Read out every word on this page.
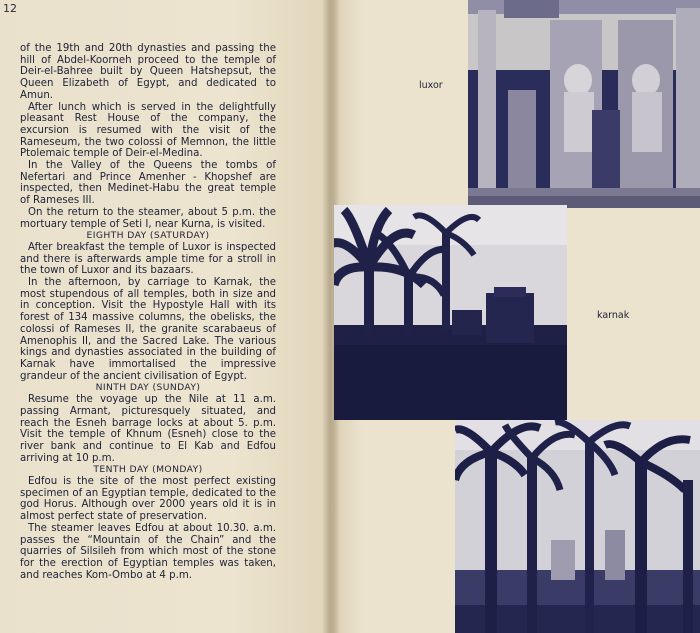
12

of the 19th and 20th dynasties and passing the hill of Abdel-Koorneh proceed to the temple of Deir-el-Bahree built by Queen Hatshepsut, the Queen Elizabeth of Egypt, and dedicated to Amun.

After lunch which is served in the delightfully pleasant Rest House of the company, the excursion is resumed with the visit of the Rameseum, the two colossi of Memnon, the little Ptolemaic temple of Deir-el-Medina.

In the Valley of the Queens the tombs of Nefertari and Prince Amenher - Khopshef are inspected, then Medinet-Habu the great temple of Rameses III.

On the return to the steamer, about 5 p.m. the mortuary temple of Seti I, near Kurna, is visited.

EIGHTH DAY (SATURDAY)

After breakfast the temple of Luxor is inspected and there is afterwards ample time for a stroll in the town of Luxor and its bazaars.

In the afternoon, by carriage to Karnak, the most stupendous of all temples, both in size and in conception. Visit the Hypostyle Hall with its forest of 134 massive columns, the obelisks, the colossi of Rameses II, the granite scarabaeus of Amenophis II, and the Sacred Lake. The various kings and dynasties associated in the building of Karnak have immortalised the impressive grandeur of the ancient civilisation of Egypt.

NINTH DAY (SUNDAY)

Resume the voyage up the Nile at 11 a.m. passing Armant, picturesquely situated, and reach the Esneh barrage locks at about 5. p.m. Visit the temple of Khnum (Esneh) close to the river bank and continue to El Kab and Edfou arriving at 10 p.m.

TENTH DAY (MONDAY)

Edfou is the site of the most perfect existing specimen of an Egyptian temple, dedicated to the god Horus. Although over 2000 years old it is in almost perfect state of preservation.

The steamer leaves Edfou at about 10.30. a.m. passes the “Mountain of the Chain” and the quarries of Silsileh from which most of the stone for the erection of Egyptian temples was taken, and reaches Kom-Ombo at 4 p.m.

luxor
karnak
